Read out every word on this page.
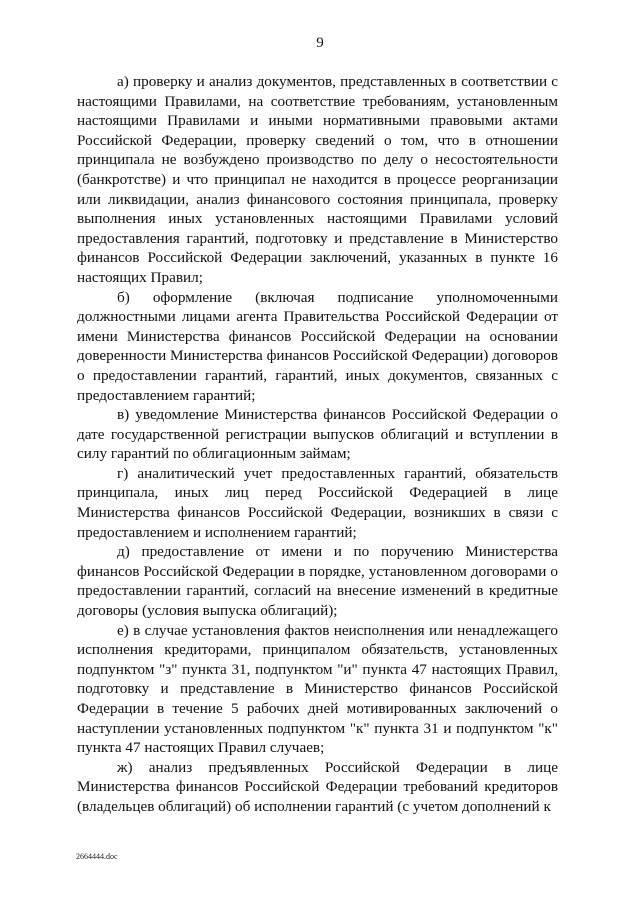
9

а) проверку и анализ документов, представленных в соответствии с настоящими Правилами, на соответствие требованиям, установленным настоящими Правилами и иными нормативными правовыми актами Российской Федерации, проверку сведений о том, что в отношении принципала не возбуждено производство по делу о несостоятельности (банкротстве) и что принципал не находится в процессе реорганизации или ликвидации, анализ финансового состояния принципала, проверку выполнения иных установленных настоящими Правилами условий предоставления гарантий, подготовку и представление в Министерство финансов Российской Федерации заключений, указанных в пункте 16 настоящих Правил;

б) оформление (включая подписание уполномоченными должностными лицами агента Правительства Российской Федерации от имени Министерства финансов Российской Федерации на основании доверенности Министерства финансов Российской Федерации) договоров о предоставлении гарантий, гарантий, иных документов, связанных с предоставлением гарантий;

в) уведомление Министерства финансов Российской Федерации о дате государственной регистрации выпусков облигаций и вступлении в силу гарантий по облигационным займам;

г) аналитический учет предоставленных гарантий, обязательств принципала, иных лиц перед Российской Федерацией в лице Министерства финансов Российской Федерации, возникших в связи с предоставлением и исполнением гарантий;

д) предоставление от имени и по поручению Министерства финансов Российской Федерации в порядке, установленном договорами о предоставлении гарантий, согласий на внесение изменений в кредитные договоры (условия выпуска облигаций);

е) в случае установления фактов неисполнения или ненадлежащего исполнения кредиторами, принципалом обязательств, установленных подпунктом "з" пункта 31, подпунктом "и" пункта 47 настоящих Правил, подготовку и представление в Министерство финансов Российской Федерации в течение 5 рабочих дней мотивированных заключений о наступлении установленных подпунктом "к" пункта 31 и подпунктом "к" пункта 47 настоящих Правил случаев;

ж) анализ предъявленных Российской Федерации в лице Министерства финансов Российской Федерации требований кредиторов (владельцев облигаций) об исполнении гарантий (с учетом дополнений к

2664444.doc
